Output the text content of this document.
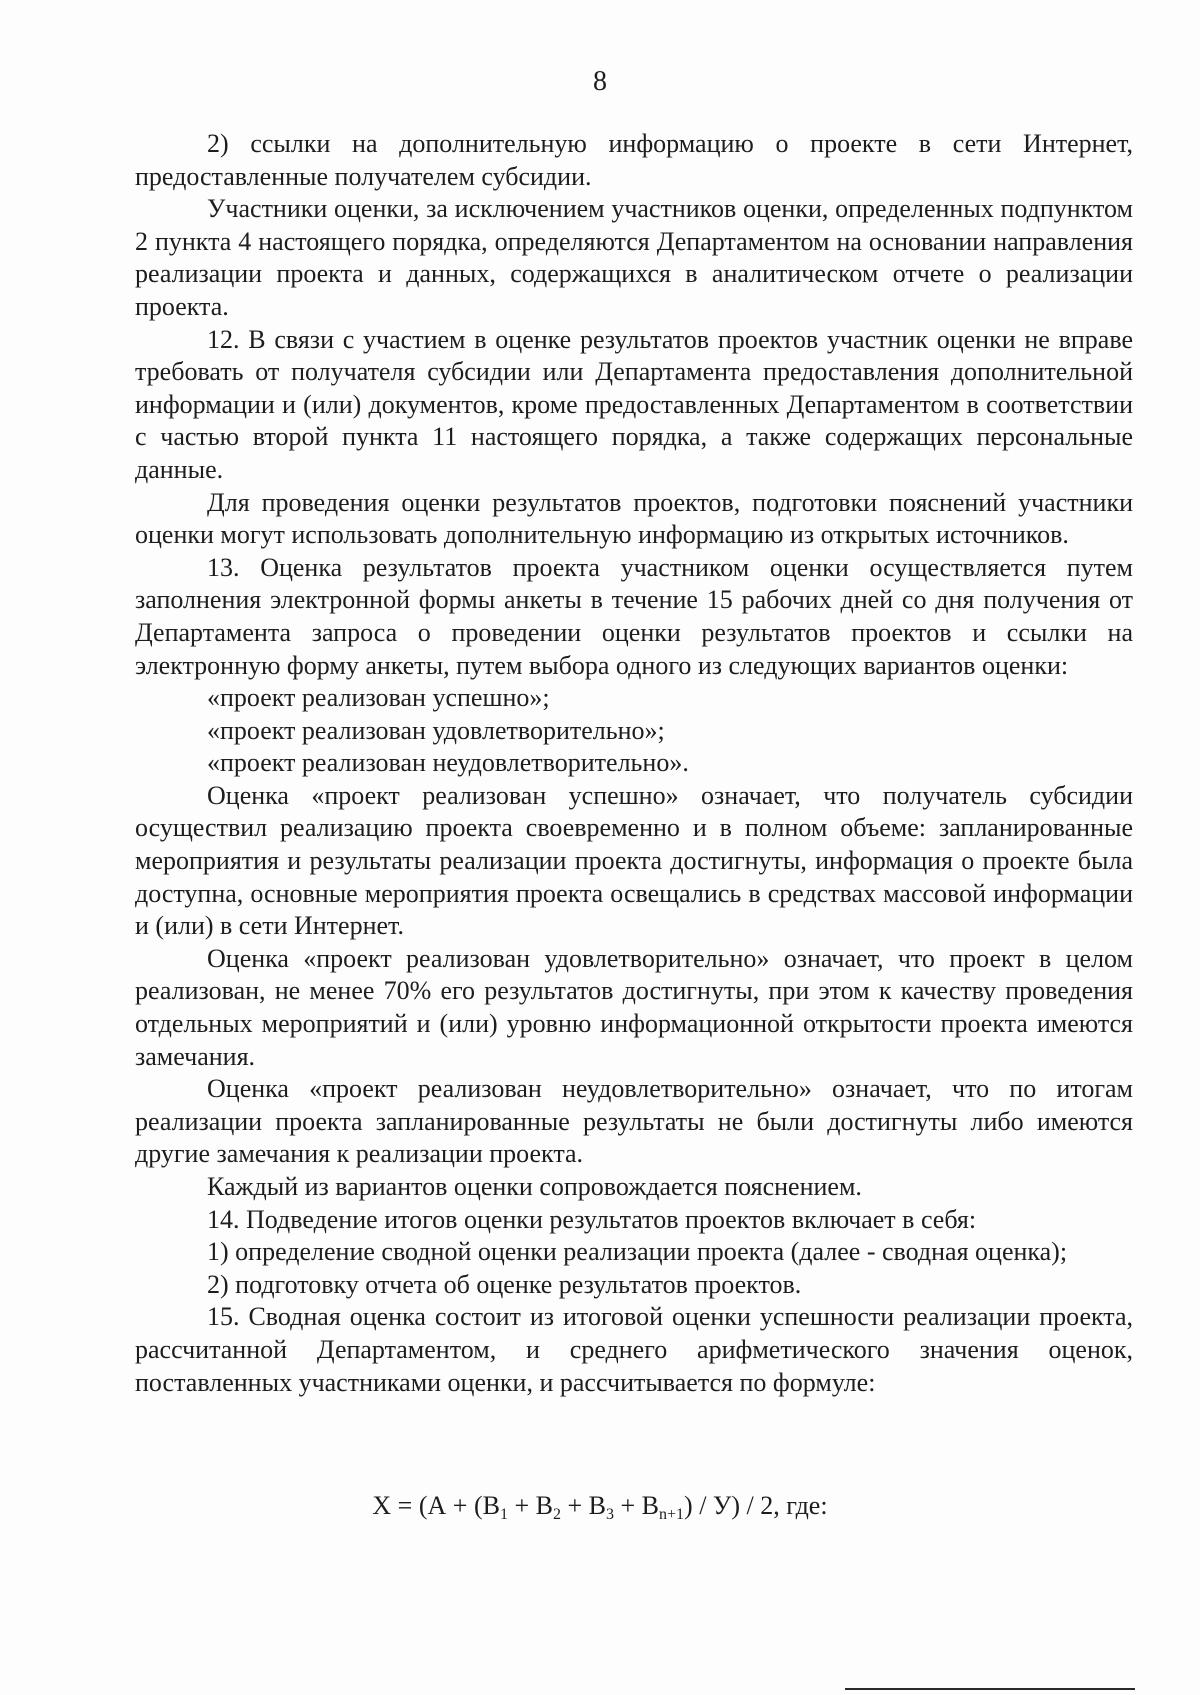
8

2) ссылки на дополнительную информацию о проекте в сети Интернет, предоставленные получателем субсидии.

Участники оценки, за исключением участников оценки, определенных подпунктом 2 пункта 4 настоящего порядка, определяются Департаментом на основании направления реализации проекта и данных, содержащихся в аналитическом отчете о реализации проекта.

12. В связи с участием в оценке результатов проектов участник оценки не вправе требовать от получателя субсидии или Департамента предоставления дополнительной информации и (или) документов, кроме предоставленных Департаментом в соответствии с частью второй пункта 11 настоящего порядка, а также содержащих персональные данные.

Для проведения оценки результатов проектов, подготовки пояснений участники оценки могут использовать дополнительную информацию из открытых источников.

13. Оценка результатов проекта участником оценки осуществляется путем заполнения электронной формы анкеты в течение 15 рабочих дней со дня получения от Департамента запроса о проведении оценки результатов проектов и ссылки на электронную форму анкеты, путем выбора одного из следующих вариантов оценки:

«проект реализован успешно»;

«проект реализован удовлетворительно»;

«проект реализован неудовлетворительно».

Оценка «проект реализован успешно» означает, что получатель субсидии осуществил реализацию проекта своевременно и в полном объеме: запланированные мероприятия и результаты реализации проекта достигнуты, информация о проекте была доступна, основные мероприятия проекта освещались в средствах массовой информации и (или) в сети Интернет.

Оценка «проект реализован удовлетворительно» означает, что проект в целом реализован, не менее 70% его результатов достигнуты, при этом к качеству проведения отдельных мероприятий и (или) уровню информационной открытости проекта имеются замечания.

Оценка «проект реализован неудовлетворительно» означает, что по итогам реализации проекта запланированные результаты не были достигнуты либо имеются другие замечания к реализации проекта.

Каждый из вариантов оценки сопровождается пояснением.

14. Подведение итогов оценки результатов проектов включает в себя:

1) определение сводной оценки реализации проекта (далее - сводная оценка);

2) подготовку отчета об оценке результатов проектов.

15. Сводная оценка состоит из итоговой оценки успешности реализации проекта, рассчитанной Департаментом, и среднего арифметического значения оценок, поставленных участниками оценки, и рассчитывается по формуле:

$Х = (А + (В_1 + В_2 + В_3 + В_{n+1}) / У) / 2$, где:
